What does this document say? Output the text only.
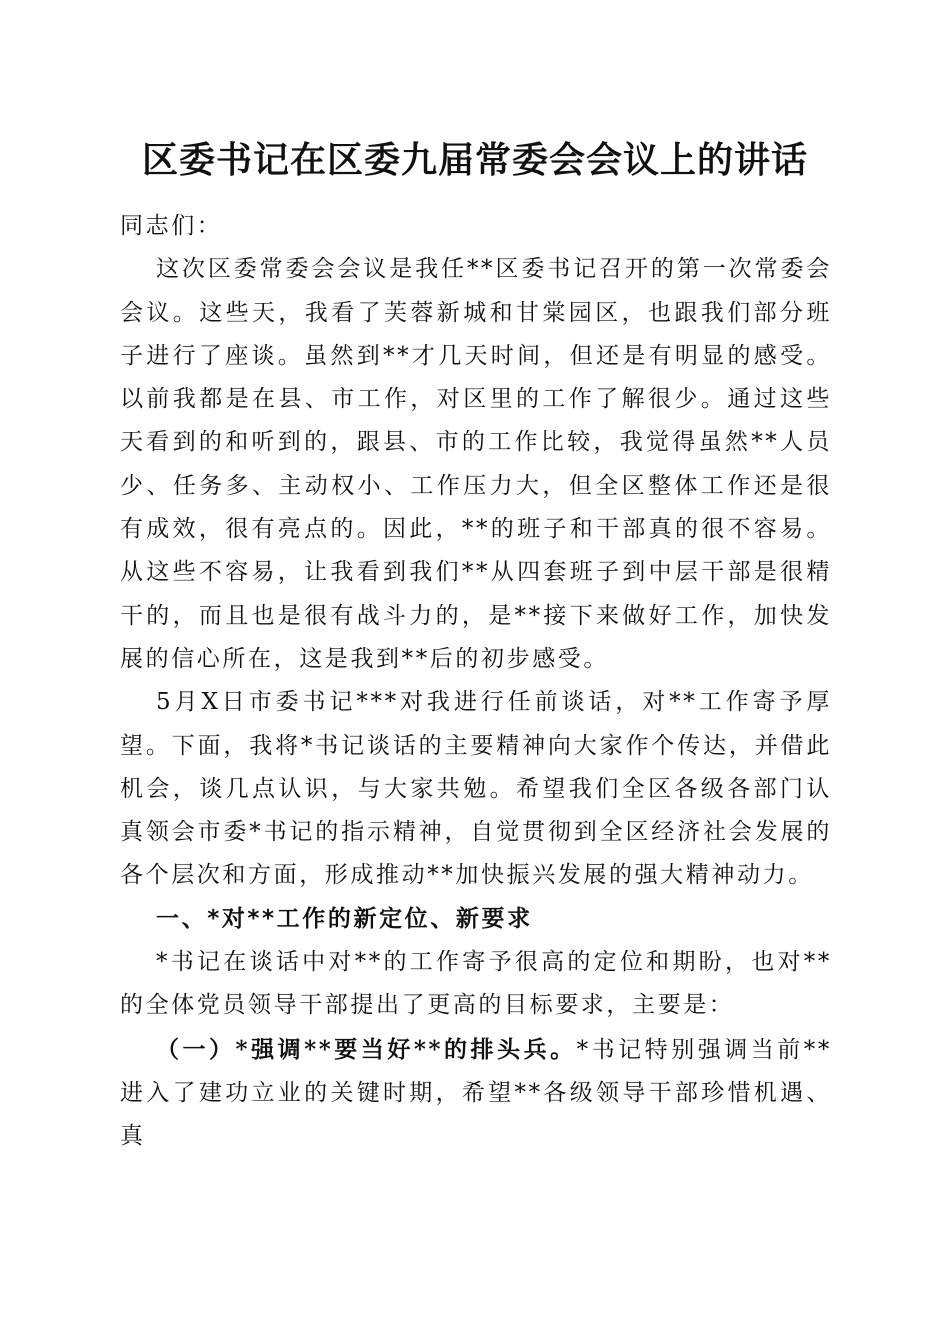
区委书记在区委九届常委会会议上的讲话

同志们：

这次区委常委会会议是我任**区委书记召开的第一次常委会会议。这些天，我看了芙蓉新城和甘棠园区，也跟我们部分班子进行了座谈。虽然到**才几天时间，但还是有明显的感受。以前我都是在县、市工作，对区里的工作了解很少。通过这些天看到的和听到的，跟县、市的工作比较，我觉得虽然**人员少、任务多、主动权小、工作压力大，但全区整体工作还是很有成效，很有亮点的。因此，**的班子和干部真的很不容易。从这些不容易，让我看到我们**从四套班子到中层干部是很精干的，而且也是很有战斗力的，是**接下来做好工作，加快发展的信心所在，这是我到**后的初步感受。

5月X日市委书记***对我进行任前谈话，对**工作寄予厚望。下面，我将*书记谈话的主要精神向大家作个传达，并借此机会，谈几点认识，与大家共勉。希望我们全区各级各部门认真领会市委*书记的指示精神，自觉贯彻到全区经济社会发展的各个层次和方面，形成推动**加快振兴发展的强大精神动力。

一、*对**工作的新定位、新要求

*书记在谈话中对**的工作寄予很高的定位和期盼，也对**的全体党员领导干部提出了更高的目标要求，主要是：

（一）*强调**要当好**的排头兵。*书记特别强调当前**进入了建功立业的关键时期，希望**各级领导干部珍惜机遇、真
